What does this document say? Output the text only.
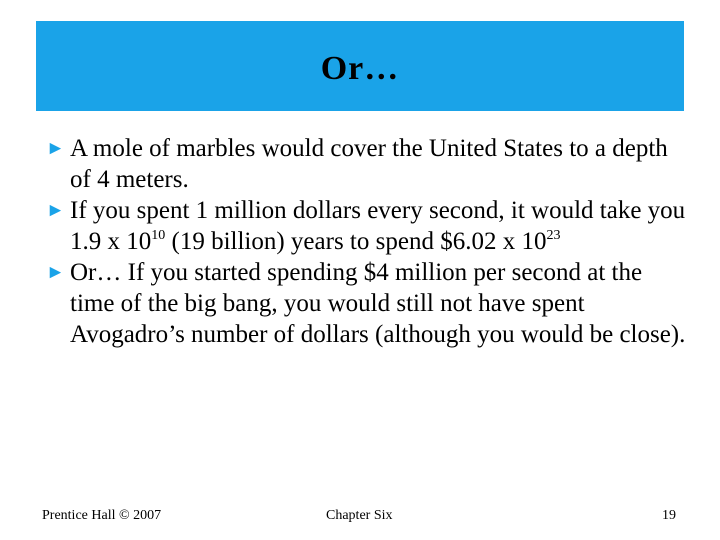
Or…

► A mole of marbles would cover the United States to a depth of 4 meters.

► If you spent 1 million dollars every second, it would take you 1.9 x $10^{10}$ (19 billion) years to spend $6.02 x $10^{23}$

► Or… If you started spending $4 million per second at the time of the big bang, you would still not have spent Avogadro’s number of dollars (although you would be close).

Prentice Hall © 2007	Chapter Six	19
